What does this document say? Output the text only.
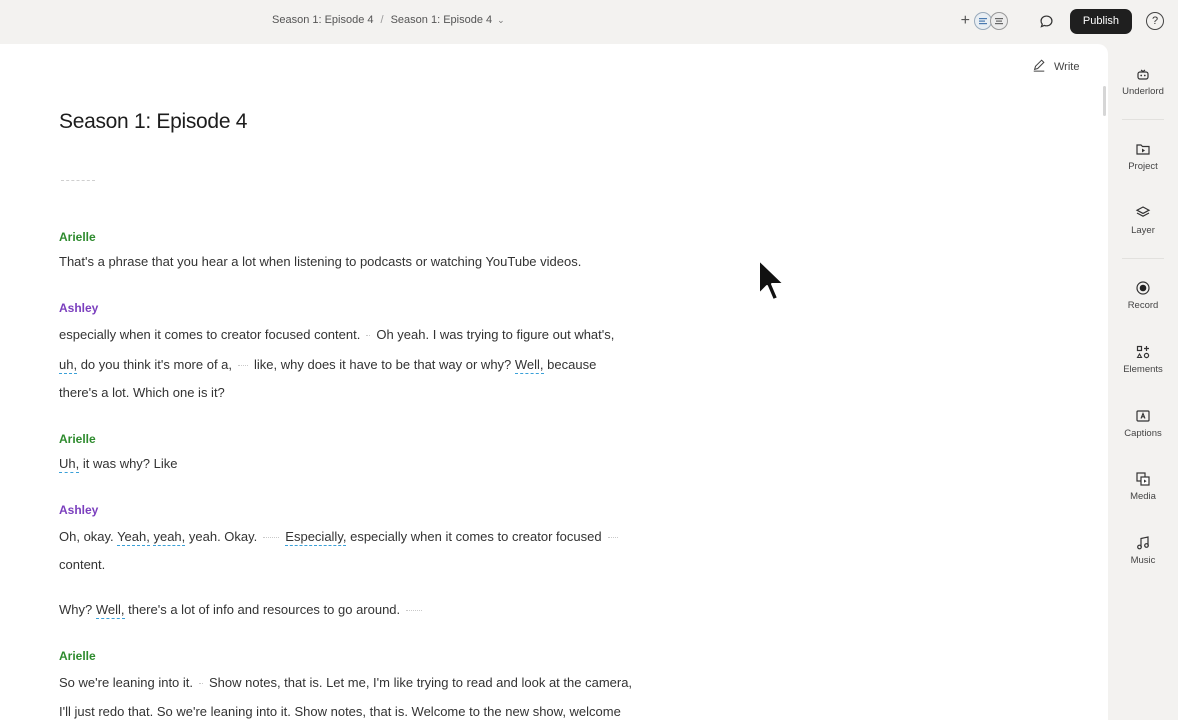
Season 1: Episode 4 / Season 1: Episode 4 ⌄	+	Publish	?
Write
Season 1: Episode 4
Arielle
That's a phrase that you hear a lot when listening to podcasts or watching YouTube videos.
Ashley
especially when it comes to creator focused content. Oh yeah. I was trying to figure out what's,
uh, do you think it's more of a, like, why does it have to be that way or why? Well, because
there's a lot. Which one is it?
Arielle
Uh, it was why? Like
Ashley
Oh, okay. Yeah, yeah, yeah. Okay. Especially, especially when it comes to creator focused
content.
Why? Well, there's a lot of info and resources to go around.
Arielle
So we're leaning into it. Show notes, that is. Let me, I'm like trying to read and look at the camera,
I'll just redo that. So we're leaning into it. Show notes, that is. Welcome to the new show, welcome
Underlord
Project
Layer
Record
Elements
Captions
Media
Music
